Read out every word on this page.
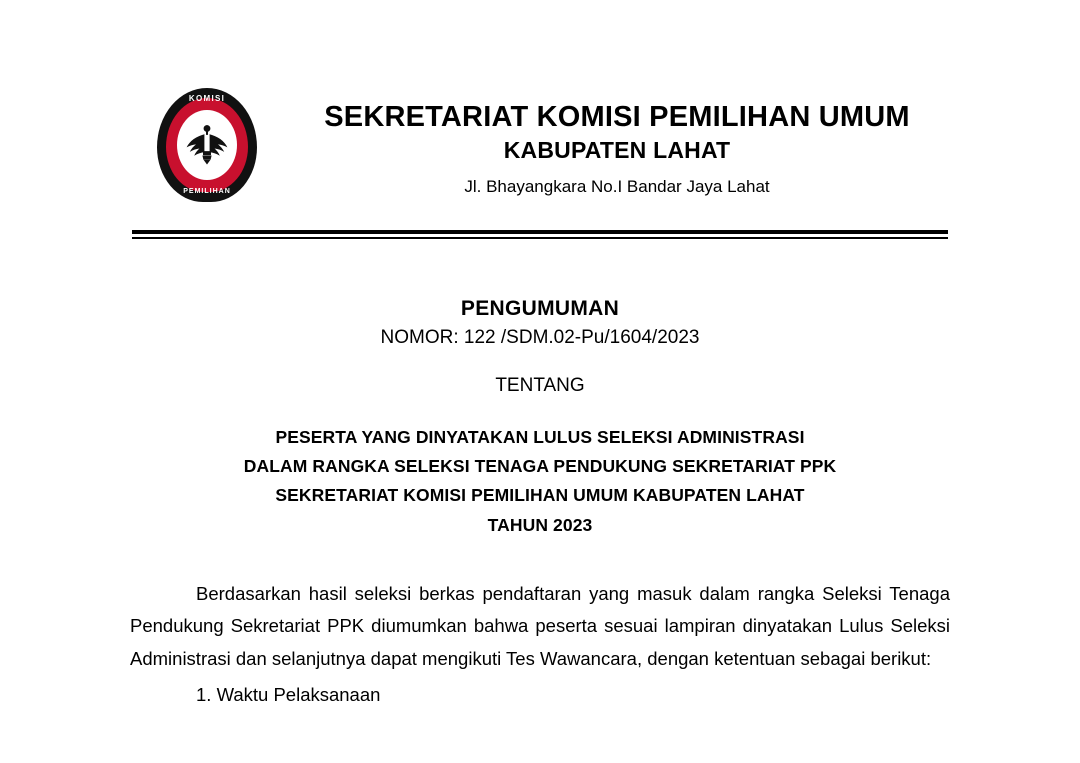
KOMISI
PEMILIHAN
SEKRETARIAT KOMISI PEMILIHAN UMUM
KABUPATEN LAHAT
Jl. Bhayangkara No.I Bandar Jaya Lahat
PENGUMUMAN
NOMOR: 122 /SDM.02-Pu/1604/2023
TENTANG
PESERTA YANG DINYATAKAN LULUS SELEKSI ADMINISTRASI
DALAM RANGKA SELEKSI TENAGA PENDUKUNG SEKRETARIAT PPK
SEKRETARIAT KOMISI PEMILIHAN UMUM KABUPATEN LAHAT
TAHUN 2023

Berdasarkan hasil seleksi berkas pendaftaran yang masuk dalam rangka Seleksi Tenaga Pendukung Sekretariat PPK diumumkan bahwa peserta sesuai lampiran dinyatakan Lulus Seleksi Administrasi dan selanjutnya dapat mengikuti Tes Wawancara, dengan ketentuan sebagai berikut:

1. Waktu Pelaksanaan
